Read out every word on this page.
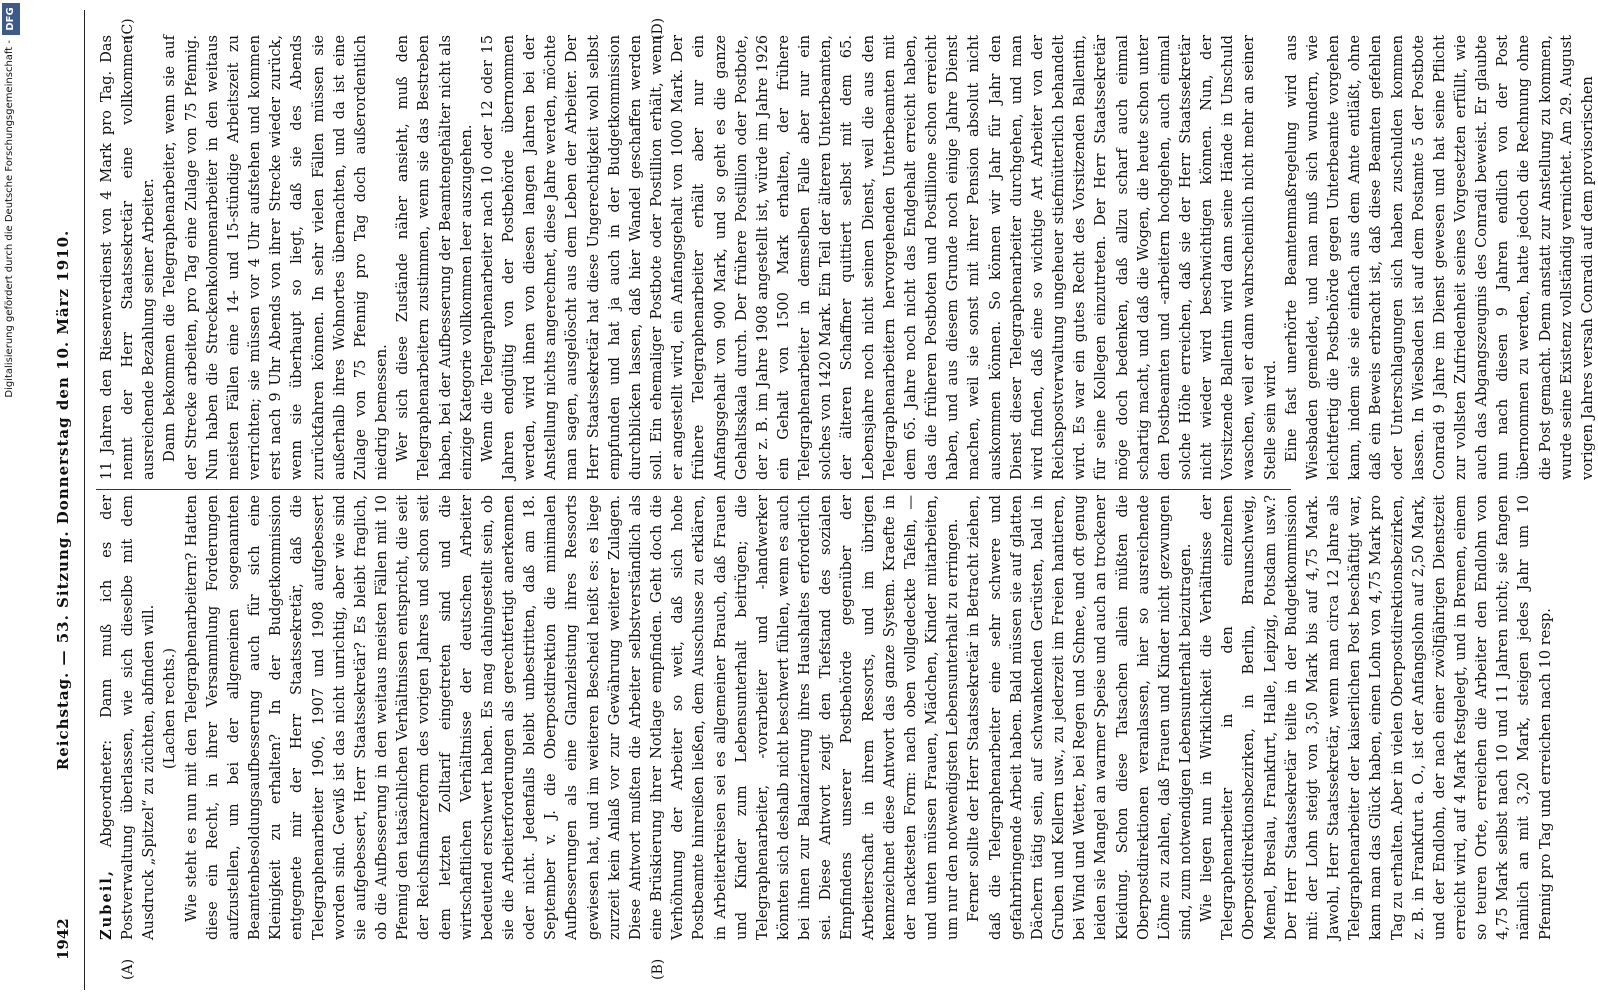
Digitalisierung gefördert durch die Deutsche Forschungsgemeinschaft -
DFG
1942
Reichstag. — 53. Sitzung. Donnerstag den 10. März 1910.
(A)	(B)
(C)	(D)

Zubeil, Abgeordneter: Dann muß ich es der Postverwaltung überlassen, wie sich dieselbe mit dem Ausdruck „Spitzel“ zu züchten, abfinden will. (Lachen rechts.) Wie steht es nun mit den Telegraphenarbeitern? Hatten diese ein Recht, in ihrer Versammlung Forderungen aufzustellen, um bei der allgemeinen sogenannten Beamtenbesoldungsaufbesserung auch für sich eine Kleinigkeit zu erhalten? In der Budgetkommission entgegnete mir der Herr Staatssekretär, daß die Telegraphenarbeiter 1906, 1907 und 1908 aufgebessert worden sind. Gewiß ist das nicht unrichtig, aber wie sind sie aufgebessert, Herr Staatssekretär? Es bleibt fraglich, ob die Aufbesserung in den weitaus meisten Fällen mit 10 Pfennig den tatsächlichen Verhältnissen entspricht, die seit der Reichsfinanzreform des vorigen Jahres und schon seit dem letzten Zolltarif eingetreten sind und die wirtschaftlichen Verhältnisse der deutschen Arbeiter bedeutend erschwert haben. Es mag dahingestellt sein, ob sie die Arbeiterforderungen als gerechtfertigt anerkennen oder nicht. Jedenfalls bleibt unbestritten, daß am 18. September v. J. die Oberpostdirektion die minimalen Aufbesserungen als eine Glanzleistung ihres Ressorts gewiesen hat, und im weiteren Bescheid heißt es: es liege zurzeit kein Anlaß vor zur Gewährung weiterer Zulagen. Diese Antwort mußten die Arbeiter selbstverständlich als eine Brüskierung ihrer Notlage empfinden. Geht doch die Verhöhnung der Arbeiter so weit, daß sich hohe Postbeamte hinreißen ließen, dem Ausschusse zu erklären, in Arbeiterkreisen sei es allgemeiner Brauch, daß Frauen und Kinder zum Lebensunterhalt beitrügen; die Telegraphenarbeiter, -vorarbeiter und -handwerker könnten sich deshalb nicht beschwert fühlen, wenn es auch bei ihnen zur Balanzierung ihres Haushaltes erforderlich sei. Diese Antwort zeigt den Tiefstand des sozialen Empfindens unserer Postbehörde gegenüber der Arbeiterschaft in ihrem Ressorts, und im übrigen kennzeichnet diese Antwort das ganze System. Kraefte in der nacktesten Form: nach oben vollgedeckte Tafeln, — und unten müssen Frauen, Mädchen, Kinder mitarbeiten, um nur den notwendigsten Lebensunterhalt zu erringen. Ferner sollte der Herr Staatssekretär in Betracht ziehen, daß die Telegraphenarbeiter eine sehr schwere und gefahrbringende Arbeit haben. Bald müssen sie auf glatten Dächern tätig sein, auf schwankenden Gerüsten, bald in Gruben und Kellern usw., zu jederzeit im Freien hantieren, bei Wind und Wetter, bei Regen und Schnee, und oft genug leiden sie Mangel an warmer Speise und auch an trockener Kleidung. Schon diese Tatsachen allein müßten die Oberpostdirektionen veranlassen, hier so ausreichende Löhne zu zahlen, daß Frauen und Kinder nicht gezwungen sind, zum notwendigen Lebensunterhalt beizutragen. Wie liegen nun in Wirklichkeit die Verhältnisse der Telegraphenarbeiter in den einzelnen Oberpostdirektionsbezirken, in Berlin, Braunschweig, Memel, Breslau, Frankfurt, Halle, Leipzig, Potsdam usw.? Der Herr Staatssekretär teilte in der Budgetkommission mit: der Lohn steigt von 3,50 Mark bis auf 4,75 Mark. Jawohl, Herr Staatssekretär, wenn man circa 12 Jahre als Telegraphenarbeiter der kaiserlichen Post beschäftigt war, kann man das Glück haben, einen Lohn von 4,75 Mark pro Tag zu erhalten. Aber in vielen Oberpostdirektionsbezirken, z. B. in Frankfurt a. O., ist der Anfangslohn auf 2,50 Mark, und der Endlohn, der nach einer zwölfjährigen Dienstzeit erreicht wird, auf 4 Mark festgelegt, und in Bremen, einem so teuren Orte, erreichen die Arbeiter den Endlohn von 4,75 Mark selbst nach 10 und 11 Jahren nicht; sie fangen nämlich an mit 3,20 Mark, steigen jedes Jahr um 10 Pfennig pro Tag und erreichen nach 10 resp.

11 Jahren den Riesenverdienst von 4 Mark pro Tag. Das nennt der Herr Staatssekretär eine vollkommen ausreichende Bezahlung seiner Arbeiter. Dann bekommen die Telegraphenarbeiter, wenn sie auf der Strecke arbeiten, pro Tag eine Zulage von 75 Pfennig. Nun haben die Streckenkolonnenarbeiter in den weitaus meisten Fällen eine 14- und 15-stündige Arbeitszeit zu verrichten; sie müssen vor 4 Uhr aufstehen und kommen erst nach 9 Uhr Abends von ihrer Strecke wieder zurück, wenn sie überhaupt so liegt, daß sie des Abends zurückfahren können. In sehr vielen Fällen müssen sie außerhalb ihres Wohnortes übernachten, und da ist eine Zulage von 75 Pfennig pro Tag doch außerordentlich niedrig bemessen. Wer sich diese Zustände näher ansieht, muß den Telegraphenarbeitern zustimmen, wenn sie das Bestreben haben, bei der Aufbesserung der Beamtengehälter nicht als einzige Kategorie vollkommen leer auszugehen. Wenn die Telegraphenarbeiter nach 10 oder 12 oder 15 Jahren endgültig von der Postbehörde übernommen werden, wird ihnen von diesen langen Jahren bei der Anstellung nichts angerechnet, diese Jahre werden, möchte man sagen, ausgelöscht aus dem Leben der Arbeiter. Der Herr Staatssekretär hat diese Ungerechtigkeit wohl selbst empfunden und hat ja auch in der Budgetkommission durchblicken lassen, daß hier Wandel geschaffen werden soll. Ein ehemaliger Postbote oder Postillion erhält, wenn er angestellt wird, ein Anfangsgehalt von 1000 Mark. Der frühere Telegraphenarbeiter erhält aber nur ein Anfangsgehalt von 900 Mark, und so geht es die ganze Gehaltsskala durch. Der frühere Postillion oder Postbote, der z. B. im Jahre 1908 angestellt ist, würde im Jahre 1926 ein Gehalt von 1500 Mark erhalten, der frühere Telegraphenarbeiter in demselben Falle aber nur ein solches von 1420 Mark. Ein Teil der älteren Unterbeamten, der älteren Schaffner quittiert selbst mit dem 65. Lebensjahre noch nicht seinen Dienst, weil die aus den Telegraphenarbeitern hervorgehenden Unterbeamten mit dem 65. Jahre noch nicht das Endgehalt erreicht haben, das die früheren Postboten und Postillione schon erreicht haben, und aus diesem Grunde noch einige Jahre Dienst machen, weil sie sonst mit ihrer Pension absolut nicht auskommen können. So können wir Jahr für Jahr den Dienst dieser Telegraphenarbeiter durchgehen, und man wird finden, daß eine so wichtige Art Arbeiter von der Reichspostverwaltung ungeheuer stiefmütterlich behandelt wird. Es war ein gutes Recht des Vorsitzenden Ballentin, für seine Kollegen einzutreten. Der Herr Staatssekretär möge doch bedenken, daß allzu scharf auch einmal schartig macht, und daß die Wogen, die heute schon unter den Postbeamten und -arbeitern hochgehen, auch einmal solche Höhe erreichen, daß sie der Herr Staatssekretär nicht wieder wird beschwichtigen können. Nun, der Vorsitzende Ballentin wird dann seine Hände in Unschuld waschen, weil er dann wahrscheinlich nicht mehr an seiner Stelle sein wird. Eine fast unerhörte Beamtenmaßregelung wird aus Wiesbaden gemeldet, und man muß sich wundern, wie leichtfertig die Postbehörde gegen Unterbeamte vorgehen kann, indem sie sie einfach aus dem Amte entläßt, ohne daß ein Beweis erbracht ist, daß diese Beamten gefehlen oder Unterschlagungen sich haben zuschulden kommen lassen. In Wiesbaden ist auf dem Postamte 5 der Postbote Conradi 9 Jahre im Dienst gewesen und hat seine Pflicht zur vollsten Zufriedenheit seines Vorgesetzten erfüllt, wie auch das Abgangszeugnis des Conradi beweist. Er glaubte nun nach diesen 9 Jahren endlich von der Post übernommen zu werden, hatte jedoch die Rechnung ohne die Post gemacht. Denn anstatt zur Anstellung zu kommen, wurde seine Existenz vollständig vernichtet. Am 29. August vorigen Jahres versah Conradi auf dem provisorischen
